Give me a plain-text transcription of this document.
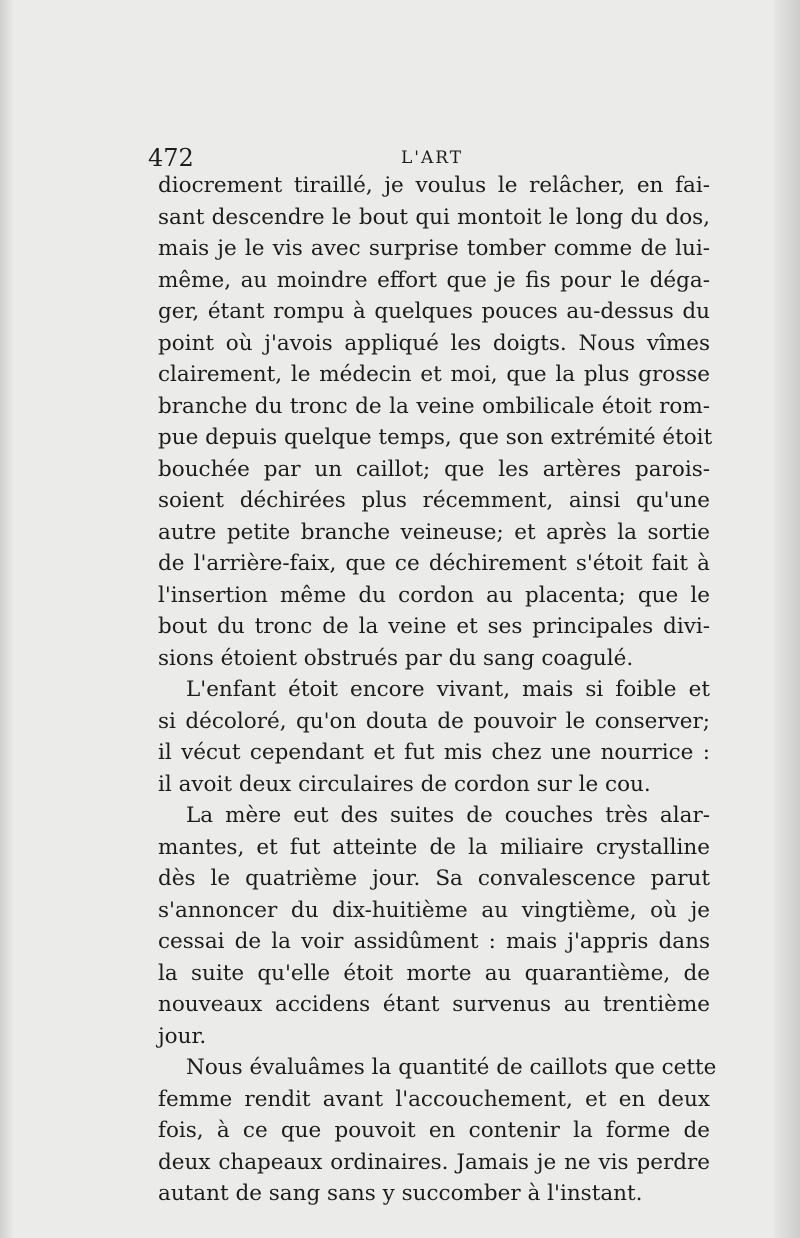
472	L'ART
diocrement tiraillé, je voulus le relâcher, en fai-
sant descendre le bout qui montoit le long du dos,
mais je le vis avec surprise tomber comme de lui-
même, au moindre effort que je fis pour le déga-
ger, étant rompu à quelques pouces au-dessus du
point où j'avois appliqué les doigts. Nous vîmes
clairement, le médecin et moi, que la plus grosse
branche du tronc de la veine ombilicale étoit rom-
pue depuis quelque temps, que son extrémité étoit
bouchée par un caillot; que les artères parois-
soient déchirées plus récemment, ainsi qu'une
autre petite branche veineuse; et après la sortie
de l'arrière-faix, que ce déchirement s'étoit fait à
l'insertion même du cordon au placenta; que le
bout du tronc de la veine et ses principales divi-
sions étoient obstrués par du sang coagulé.
L'enfant étoit encore vivant, mais si foible et
si décoloré, qu'on douta de pouvoir le conserver;
il vécut cependant et fut mis chez une nourrice :
il avoit deux circulaires de cordon sur le cou.
La mère eut des suites de couches très alar-
mantes, et fut atteinte de la miliaire crystalline
dès le quatrième jour. Sa convalescence parut
s'annoncer du dix-huitième au vingtième, où je
cessai de la voir assidûment : mais j'appris dans
la suite qu'elle étoit morte au quarantième, de
nouveaux accidens étant survenus au trentième
jour.
Nous évaluâmes la quantité de caillots que cette
femme rendit avant l'accouchement, et en deux
fois, à ce que pouvoit en contenir la forme de
deux chapeaux ordinaires. Jamais je ne vis perdre
autant de sang sans y succomber à l'instant.
